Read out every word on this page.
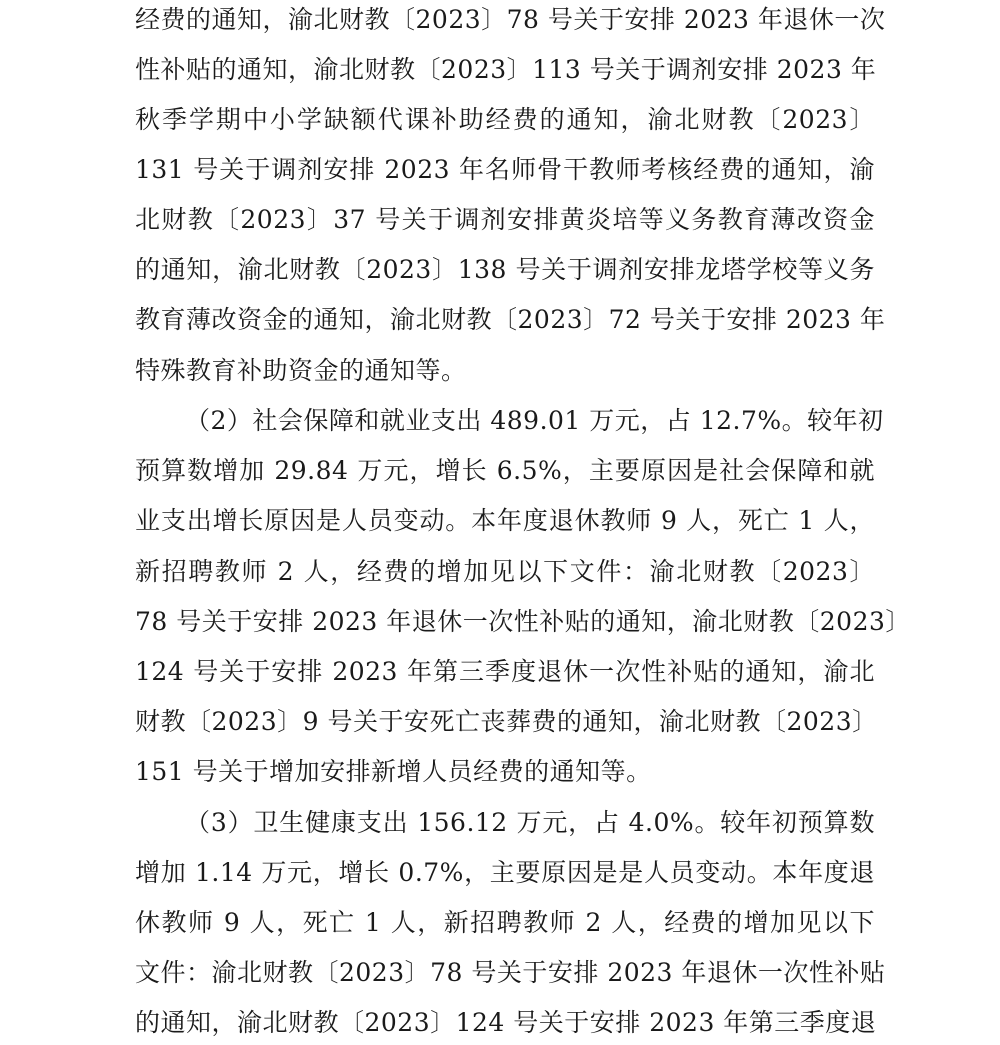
经费的通知，渝北财教〔2023〕78 号关于安排 2023 年退休一次
性补贴的通知，渝北财教〔2023〕113 号关于调剂安排 2023 年
秋季学期中小学缺额代课补助经费的通知，渝北财教〔2023〕
131 号关于调剂安排 2023 年名师骨干教师考核经费的通知，渝
北财教〔2023〕37 号关于调剂安排黄炎培等义务教育薄改资金
的通知，渝北财教〔2023〕138 号关于调剂安排龙塔学校等义务
教育薄改资金的通知，渝北财教〔2023〕72 号关于安排 2023 年
特殊教育补助资金的通知等。
（2）社会保障和就业支出 489.01 万元，占 12.7%。较年初
预算数增加 29.84 万元，增长 6.5%，主要原因是社会保障和就
业支出增长原因是人员变动。本年度退休教师 9 人，死亡 1 人，
新招聘教师 2 人，经费的增加见以下文件：渝北财教〔2023〕
78 号关于安排 2023 年退休一次性补贴的通知，渝北财教〔2023〕
124 号关于安排 2023 年第三季度退休一次性补贴的通知，渝北
财教〔2023〕9 号关于安死亡丧葬费的通知，渝北财教〔2023〕
151 号关于增加安排新增人员经费的通知等。
（3）卫生健康支出 156.12 万元，占 4.0%。较年初预算数
增加 1.14 万元，增长 0.7%，主要原因是是人员变动。本年度退
休教师 9 人，死亡 1 人，新招聘教师 2 人，经费的增加见以下
文件：渝北财教〔2023〕78 号关于安排 2023 年退休一次性补贴
的通知，渝北财教〔2023〕124 号关于安排 2023 年第三季度退
